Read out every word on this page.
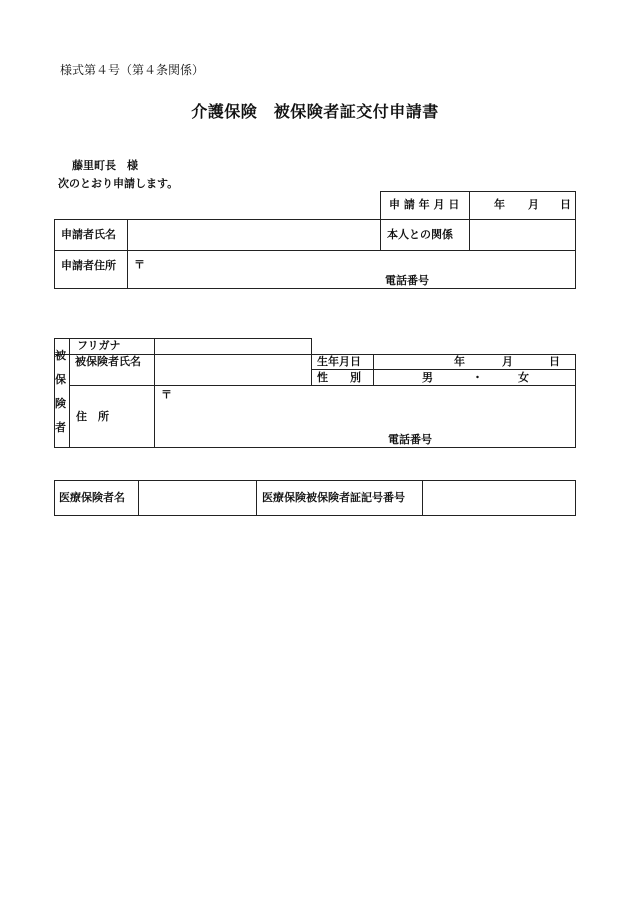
様式第４号（第４条関係）
介護保険　被保険者証交付申請書
藤里町長　様
次のとおり申請します。
申 請 年 月 日	年 月 日
申請者氏名	本人との関係
申請者住所 〒
電話番号
被
保
険
者
フリガナ
被保険者氏名	生年月日	年	月	日
性　　別	男	・	女
住　所
〒
電話番号
医療保険者名	医療保険被保険者証記号番号
